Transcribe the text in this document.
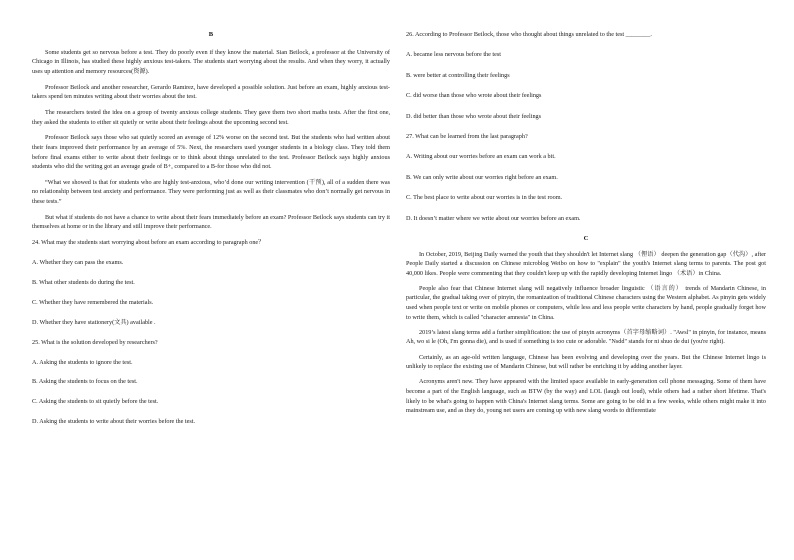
B

Some students get so nervous before a test. They do poorly even if they know the material. Sian Beilock, a professor at the University of Chicago in Illinois, has studied these highly anxious test-takers. The students start worrying about the results. And when they worry, it actually uses up attention and memory resources(资源).

Professor Beilock and another researcher, Gerardo Ramirez, have developed a possible solution. Just before an exam, highly anxious test-takers spend ten minutes writing about their worries about the test.

The researchers tested the idea on a group of twenty anxious college students. They gave them two short maths tests. After the first one, they asked the students to either sit quietly or write about their feelings about the upcoming second test.

Professor Beilock says those who sat quietly scored an average of 12% worse on the second test. But the students who had written about their fears improved their performance by an average of 5%. Next, the researchers used younger students in a biology class. They told them before final exams either to write about their feelings or to think about things unrelated to the test. Professor Beilock says highly anxious students who did the writing got an average grade of B+, compared to a B-for those who did not.

“What we showed is that for students who are highly test-anxious, who’d done our writing intervention (干预), all of a sudden there was no relationship between test anxiety and performance. They were performing just as well as their classmates who don’t normally get nervous in these tests.”

But what if students do not have a chance to write about their fears immediately before an exam? Professor Beilock says students can try it themselves at home or in the library and still improve their performance.

24. What may the students start worrying about before an exam according to paragraph one？
A. Whether they can pass the exams.
B. What other students do during the test.
C. Whether they have remembered the materials.
D. Whether they have stationery(文具) available .
25. What is the solution developed by researchers?
A. Asking the students to ignore the test.
B. Asking the students to focus on the test.
C. Asking the students to sit quietly before the test.
D. Asking the students to write about their worries before the test.
26. According to Professor Beilock, those who thought about things unrelated to the test ________.
A. became less nervous before the test
B. were better at controlling their feelings
C. did worse than those who wrote about their feelings
D. did better than those who wrote about their feelings
27. What can be learned from the last paragraph?
A. Writing about our worries before an exam can work a bit.
B. We can only write about our worries right before an exam.
C. The best place to write about our worries is in the test room.
D. It doesn’t matter where we write about our worries before an exam.
C

In October, 2019, Beijing Daily warned the youth that they shouldn't let Internet slang （俚语） deepen the generation gap（代沟）, after People Daily started a discussion on Chinese microblog Weibo on how to "explain" the youth's Internet slang terms to parents. The post got 40,000 likes. People were commenting that they couldn't keep up with the rapidly developing Internet lingo （术语）in China.

People also fear that Chinese Internet slang will negatively influence broader linguistic （语言的） trends of Mandarin Chinese, in particular, the gradual taking over of pinyin, the romanization of traditional Chinese characters using the Western alphabet. As pinyin gets widely used when people text or write on mobile phones or computers, while less and less people write characters by hand, people gradually forget how to write them, which is called "character amnesia" in China.

2019’s latest slang terms add a further simplification: the use of pinyin acronyms（首字母缩略词）. "Awsl" in pinyin, for instance, means Ah, wo si le (Oh, I'm gonna die), and is used if something is too cute or adorable. "Nsdd" stands for ni shuo de dui (you're right).

Certainly, as an age-old written language, Chinese has been evolving and developing over the years. But the Chinese Internet lingo is unlikely to replace the existing use of Mandarin Chinese, but will rather be enriching it by adding another layer.

Acronyms aren't new. They have appeared with the limited space available in early-generation cell phone messaging. Some of them have become a part of the English language, such as BTW (by the way) and LOL (laugh out loud), while others had a rather short lifetime. That's likely to be what's going to happen with China's Internet slang terms. Some are going to be old in a few weeks, while others might make it into mainstream use, and as they do, young net users are coming up with new slang words to differentiate
